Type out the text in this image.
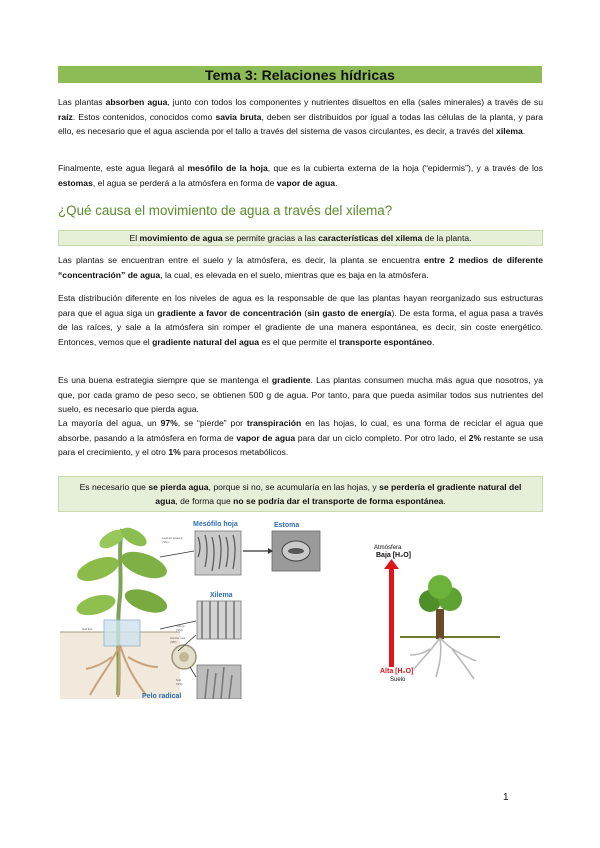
Tema 3: Relaciones hídricas

Las plantas absorben agua, junto con todos los componentes y nutrientes disueltos en ella (sales minerales) a través de su raíz. Estos contenidos, conocidos como savia bruta, deben ser distribuidos por igual a todas las células de la planta, y para ello, es necesario que el agua ascienda por el tallo a través del sistema de vasos circulantes, es decir, a través del xilema.

Finalmente, este agua llegará al mesófilo de la hoja, que es la cubierta externa de la hoja (“epidermis”), y a través de los estomas, el agua se perderá a la atmósfera en forma de vapor de agua.

¿Qué causa el movimiento de agua a través del xilema?
El movimiento de agua se permite gracias a las características del xilema de la planta.

Las plantas se encuentran entre el suelo y la atmósfera, es decir, la planta se encuentra entre 2 medios de diferente “concentración” de agua, la cual, es elevada en el suelo, mientras que es baja en la atmósfera.

Esta distribución diferente en los niveles de agua es la responsable de que las plantas hayan reorganizado sus estructuras para que el agua siga un gradiente a favor de concentración (sin gasto de energía). De esta forma, el agua pasa a través de las raíces, y sale a la atmósfera sin romper el gradiente de una manera espontánea, es decir, sin coste energético. Entonces, vemos que el gradiente natural del agua es el que permite el transporte espontáneo.

Es una buena estrategia siempre que se mantenga el gradiente. Las plantas consumen mucha más agua que nosotros, ya que, por cada gramo de peso seco, se obtienen 500 g de agua. Por tanto, para que pueda asimilar todos sus nutrientes del suelo, es necesario que pierda agua.

La mayoría del agua, un 97%, se “pierde” por transpiración en las hojas, lo cual, es una forma de reciclar el agua que absorbe, pasando a la atmósfera en forma de vapor de agua para dar un ciclo completo. Por otro lado, el 2% restante se usa para el crecimiento, y el otro 1% para procesos metabólicos.

Es necesario que se pierda agua, porque si no, se acumularía en las hojas, y se perdería el gradiente natural del agua, de forma que no se podría dar el transporte de forma espontánea.
Mesófilo hoja	Estoma
Xilema
Pelo radical
Leaf air spaces
(Ψw)
Soil line
Xylem
(Ψw)
Across root
(ΨP)
Soil
(ΨS)
Atmósfera
Baja [H₂O]
Alta [H₂O]
Suelo
1
